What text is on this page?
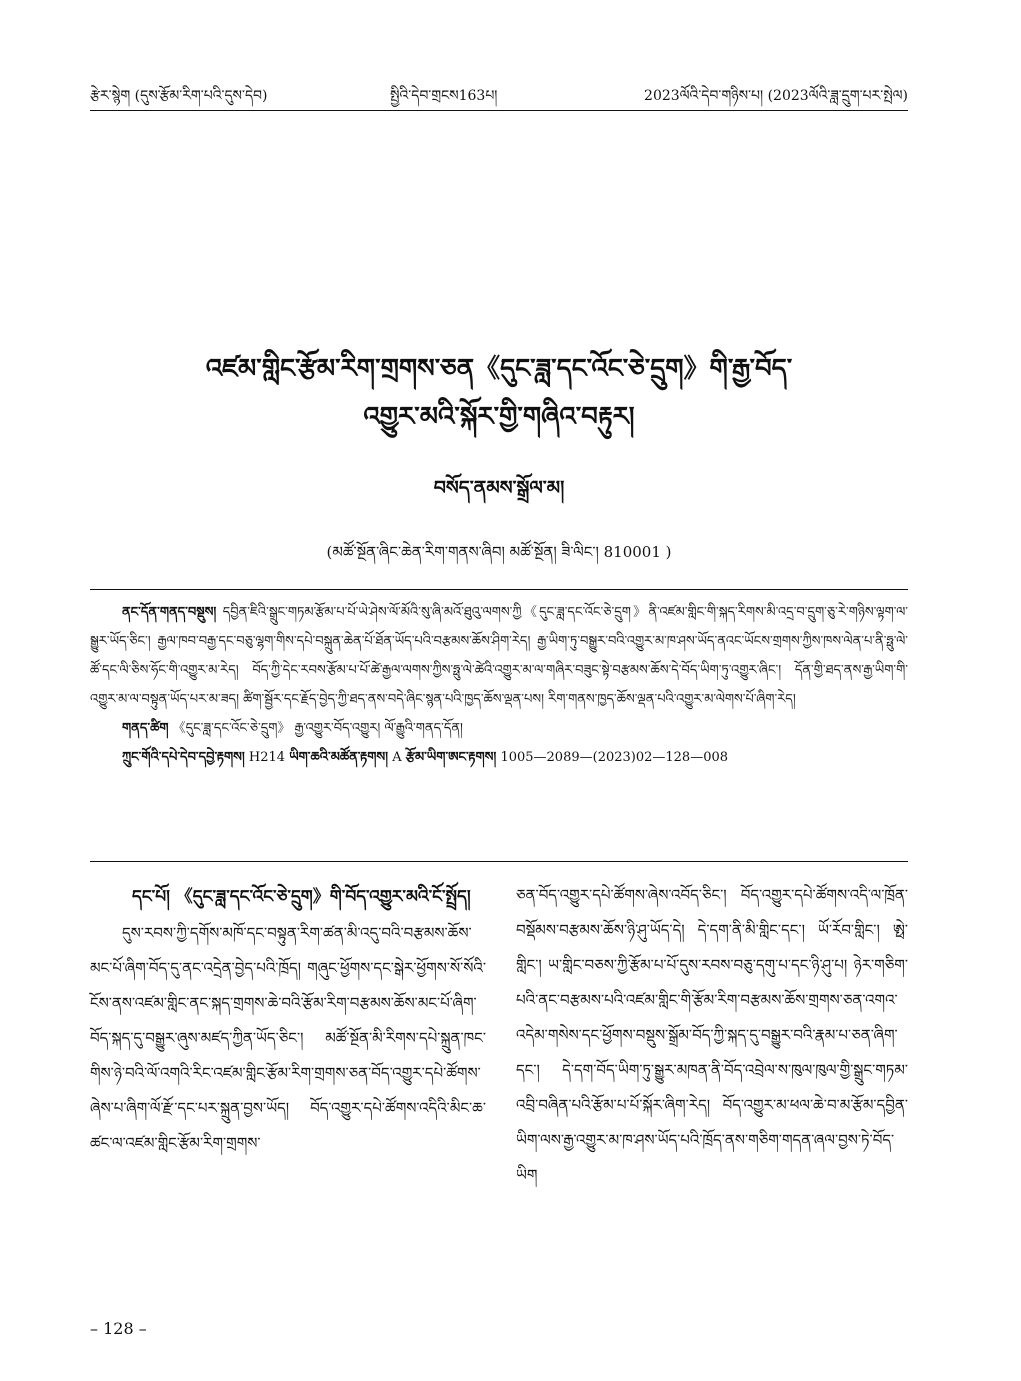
རྩེར་སྙེག (དུས་རྩོམ་རིག་པའི་དུས་དེབ)	སྤྱིའི་དེབ་གྲངས163པ།	2023ལོའི་དེབ་གཉིས་པ། (2023ལོའི་ཟླ་དྲུག་པར་སྤེལ)
འཛམ་གླིང་རྩོམ་རིག་གྲགས་ཅན《དུང་ཟླ་དང་འོང་ཅེ་དྲུག》གི་རྒྱ་བོད་
འགྱུར་མའི་སྐོར་གྱི་གཞིའ་བརྟུར།
བསོད་ནམས་སྒྲོལ་མ།
(མཚོ་སྔོན་ཞིང་ཆེན་རིག་གནས་ཞིབ། མཚོ་སྔོན། ཟི་ལིང་། 810001 )
ནང་དོན་གནད་བསྡུས། དབྱིན་ཇིའི་སྒྲུང་གཏམ་རྩོམ་པ་པོ་ཡེ་ཤེས་ལོ་མོའི་སུ་ཞི་མའོ་ཐུའུ་ལགས་ཀྱི《དུང་ཟླ་དང་འོང་ཅེ་དྲུག》ནི་འཛམ་གླིང་གི་སྐད་རིགས་མི་འདྲ་བ་དྲུག་ཅུ་རེ་གཉིས་ལྟག་ལ་སྒྱུར་ཡོད་ཅིང་། རྒྱལ་ཁབ་བརྒྱ་དང་བཅུ་ལྷག་གིས་དཔེ་བསྐྲུན་ཆེན་པོ་ཐོན་ཡོད་པའི་བརྩམས་ཆོས་ཤིག་རེད། རྒྱ་ཡིག་ཏུ་བསྒྱུར་བའི་འགྱུར་མ་ཁ་ཤས་ཡོད་ནའང་ཡོངས་གྲགས་ཀྱིས་ཁས་ལེན་པ་ནི་ཧྥུ་ལེ་ཚོ་དང་ལི་ཅིས་ཧོང་གི་འགྱུར་མ་རེད། བོད་ཀྱི་དེང་རབས་རྩོམ་པ་པོ་ཚེ་རྒྱལ་ལགས་ཀྱིས་ཧྥུ་ལེ་ཚེའི་འགྱུར་མ་ལ་གཞིར་བཟུང་སྟེ་བརྩམས་ཆོས་དེ་བོད་ཡིག་ཏུ་འགྱུར་ཞིང་། དོན་གྱི་ཐད་ནས་རྒྱ་ཡིག་གི་འགྱུར་མ་ལ་བསྟུན་ཡོད་པར་མ་ཟད། ཚིག་སྦྱོར་དང་རྗོད་བྱེད་ཀྱི་ཐད་ནས་བདེ་ཞིང་སྙན་པའི་ཁྱད་ཆོས་ལྡན་པས། རིག་གནས་ཁྱད་ཆོས་ལྡན་པའི་འགྱུར་མ་ལེགས་པོ་ཞིག་རེད།
གནད་ཚིག 《དུང་ཟླ་དང་འོང་ཅེ་དྲུག》 རྒྱ་འགྱུར་བོད་འགྱུར། ལོ་རྒྱུའི་གནད་དོན།
ཀྲུང་གོའི་དཔེ་དེབ་དབྱེ་རྟགས། H214 ཡིག་ཆའི་མཚོན་རྟགས། A རྩོམ་ཡིག་ཨང་རྟགས། 1005—2089—(2023)02—128—008
དང་པོ། 《དུང་ཟླ་དང་འོང་ཅེ་དྲུག》གི་བོད་འགྱུར་མའི་ངོ་སྤྲོད།
དུས་རབས་ཀྱི་དགོས་མཁོ་དང་བསྟུན་རིག་ཚན་མི་འདུ་བའི་བརྩམས་ཆོས་མང་པོ་ཞིག་བོད་དུ་ནང་འདྲེན་བྱེད་པའི་ཁྲོད། གཞུང་ཕྱོགས་དང་སྒེར་ཕྱོགས་སོ་སོའི་ངོས་ནས་འཛམ་གླིང་ནང་སྐད་གྲགས་ཆེ་བའི་རྩོམ་རིག་བརྩམས་ཆོས་མང་པོ་ཞིག་བོད་སྐད་དུ་བསྒྱུར་ཞུས་མཛད་ཀྱིན་ཡོད་ཅིང་། མཚོ་སྔོན་མི་རིགས་དཔེ་སྐྲུན་ཁང་གིས་ཉེ་བའི་ལོ་འགའི་རིང་འཛམ་གླིང་རྩོམ་རིག་གྲགས་ཅན་བོད་འགྱུར་དཔེ་ཚོགས་ཞེས་པ་ཞིག་ལོ་རྫོ་དང་པར་སྐྲུན་བྱས་ཡོད། བོད་འགྱུར་དཔེ་ཚོགས་འདིའི་མིང་ཆ་ཚང་ལ་འཛམ་གླིང་རྩོམ་རིག་གྲགས་
ཅན་བོད་འགྱུར་དཔེ་ཚོགས་ཞེས་འབོད་ཅིང་། བོད་འགྱུར་དཔེ་ཚོགས་འདི་ལ་ཁྲོན་བསྡོམས་བརྩམས་ཆོས་ཉི་ཤུ་ཡོད་དེ། དེ་དག་ནི་མི་གླིང་དང་། ཡོ་རོབ་གླིང་། ཨྥེ་གླིང་། ཡ་གླིང་བཅས་ཀྱི་རྩོམ་པ་པོ་དུས་རབས་བཅུ་དགུ་པ་དང་ཉི་ཤུ་པ། ཉེར་གཅིག་པའི་ནང་བརྩམས་པའི་འཛམ་གླིང་གི་རྩོམ་རིག་བརྩམས་ཆོས་གྲགས་ཅན་འགའ་འདེམ་གསེས་དང་ཕྱོགས་བསྡུས་སྒྲོམ་བོད་ཀྱི་སྐད་དུ་བསྒྱུར་བའི་རྣམ་པ་ཅན་ཞིག་དང་། དེ་དག་བོད་ཡིག་ཏུ་སྒྱུར་མཁན་ནི་བོད་འབྲེལ་ས་ཁུལ་ཁུལ་གྱི་སྒྲུང་གཏམ་འབྲི་བཞིན་པའི་རྩོམ་པ་པོ་སྐོར་ཞིག་རེད། བོད་འགྱུར་མ་ཕལ་ཆེ་བ་མ་རྩོམ་དབྱིན་ཡིག་ལས་རྒྱ་འགྱུར་མ་ཁ་ཤས་ཡོད་པའི་ཁྲོད་ནས་གཅིག་གདན་ཞལ་བྱས་ཏེ་བོད་ཡིག
– 128 –
